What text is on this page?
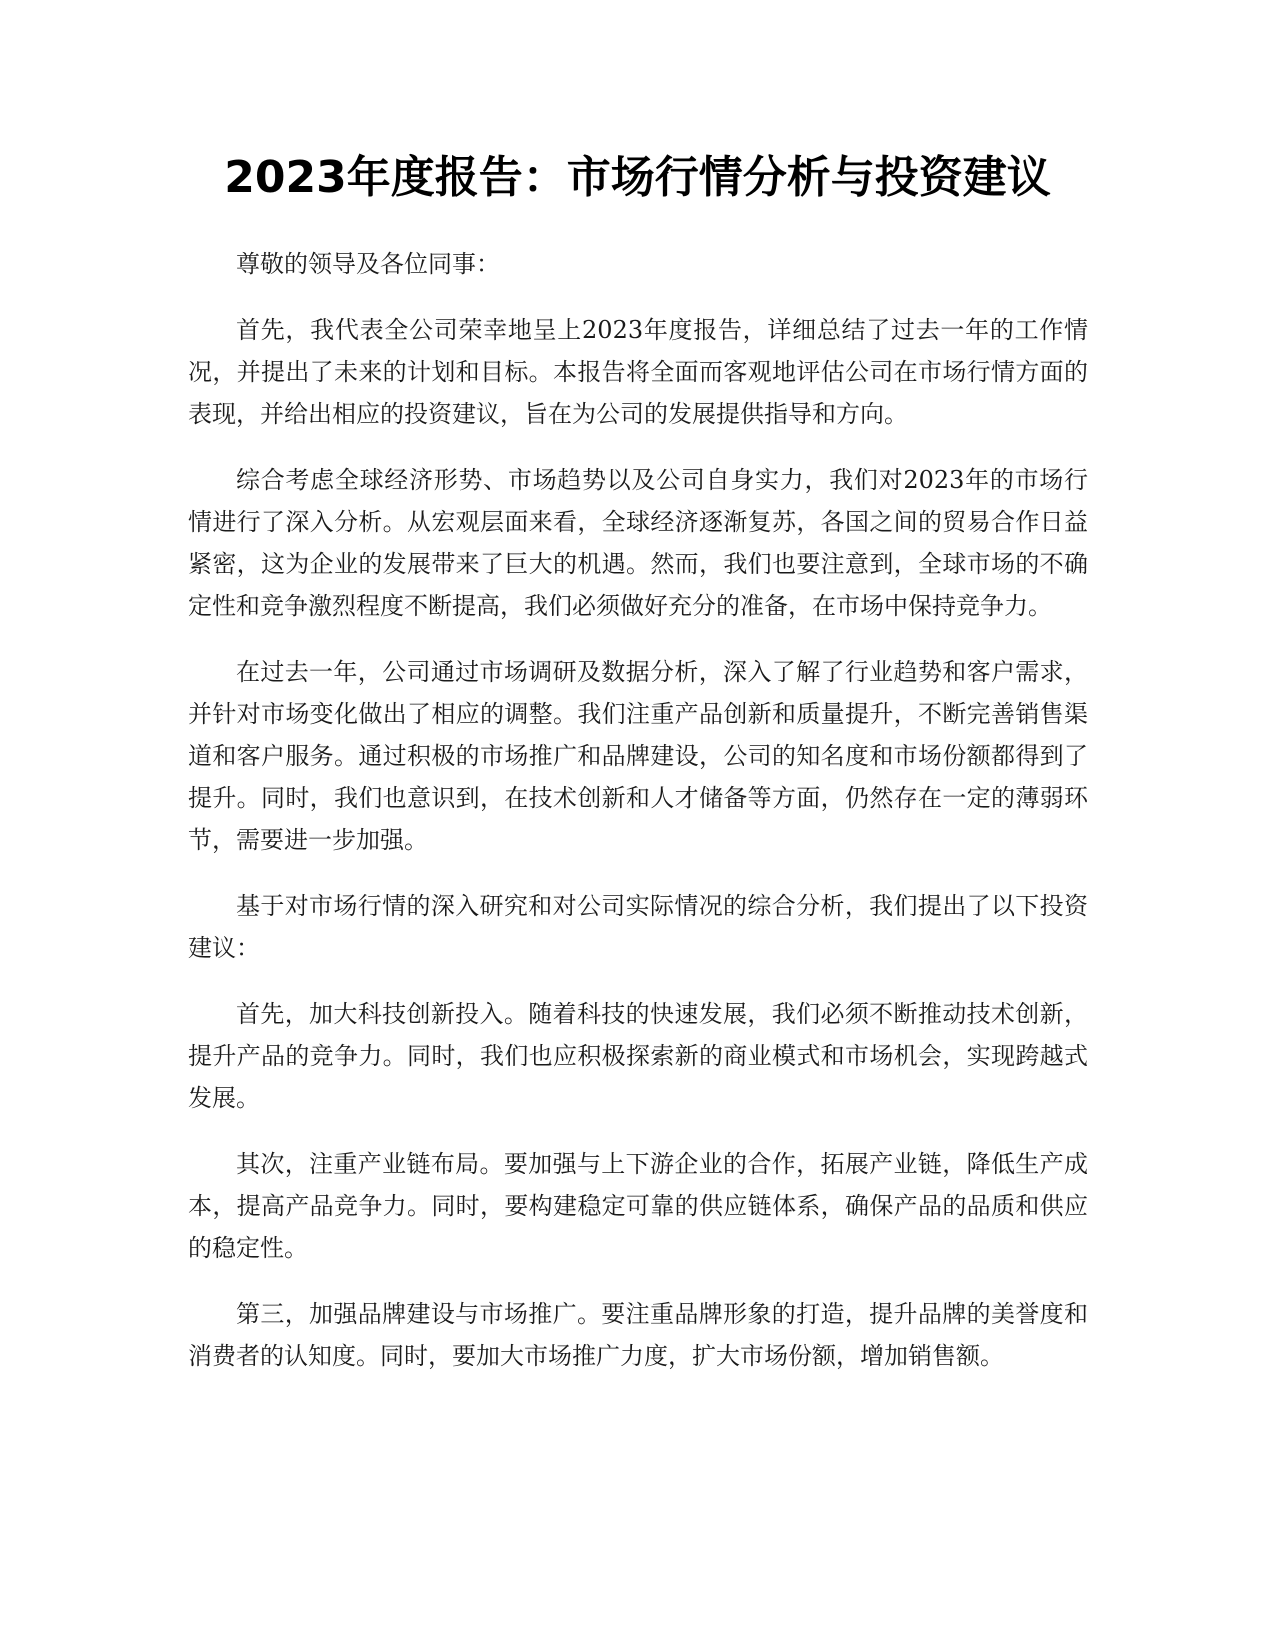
2023年度报告：市场行情分析与投资建议

尊敬的领导及各位同事：

首先，我代表全公司荣幸地呈上2023年度报告，详细总结了过去一年的工作情况，并提出了未来的计划和目标。本报告将全面而客观地评估公司在市场行情方面的表现，并给出相应的投资建议，旨在为公司的发展提供指导和方向。

综合考虑全球经济形势、市场趋势以及公司自身实力，我们对2023年的市场行情进行了深入分析。从宏观层面来看，全球经济逐渐复苏，各国之间的贸易合作日益紧密，这为企业的发展带来了巨大的机遇。然而，我们也要注意到，全球市场的不确定性和竞争激烈程度不断提高，我们必须做好充分的准备，在市场中保持竞争力。

在过去一年，公司通过市场调研及数据分析，深入了解了行业趋势和客户需求，并针对市场变化做出了相应的调整。我们注重产品创新和质量提升，不断完善销售渠道和客户服务。通过积极的市场推广和品牌建设，公司的知名度和市场份额都得到了提升。同时，我们也意识到，在技术创新和人才储备等方面，仍然存在一定的薄弱环节，需要进一步加强。

基于对市场行情的深入研究和对公司实际情况的综合分析，我们提出了以下投资建议：

首先，加大科技创新投入。随着科技的快速发展，我们必须不断推动技术创新，提升产品的竞争力。同时，我们也应积极探索新的商业模式和市场机会，实现跨越式发展。

其次，注重产业链布局。要加强与上下游企业的合作，拓展产业链，降低生产成本，提高产品竞争力。同时，要构建稳定可靠的供应链体系，确保产品的品质和供应的稳定性。

第三，加强品牌建设与市场推广。要注重品牌形象的打造，提升品牌的美誉度和消费者的认知度。同时，要加大市场推广力度，扩大市场份额，增加销售额。
